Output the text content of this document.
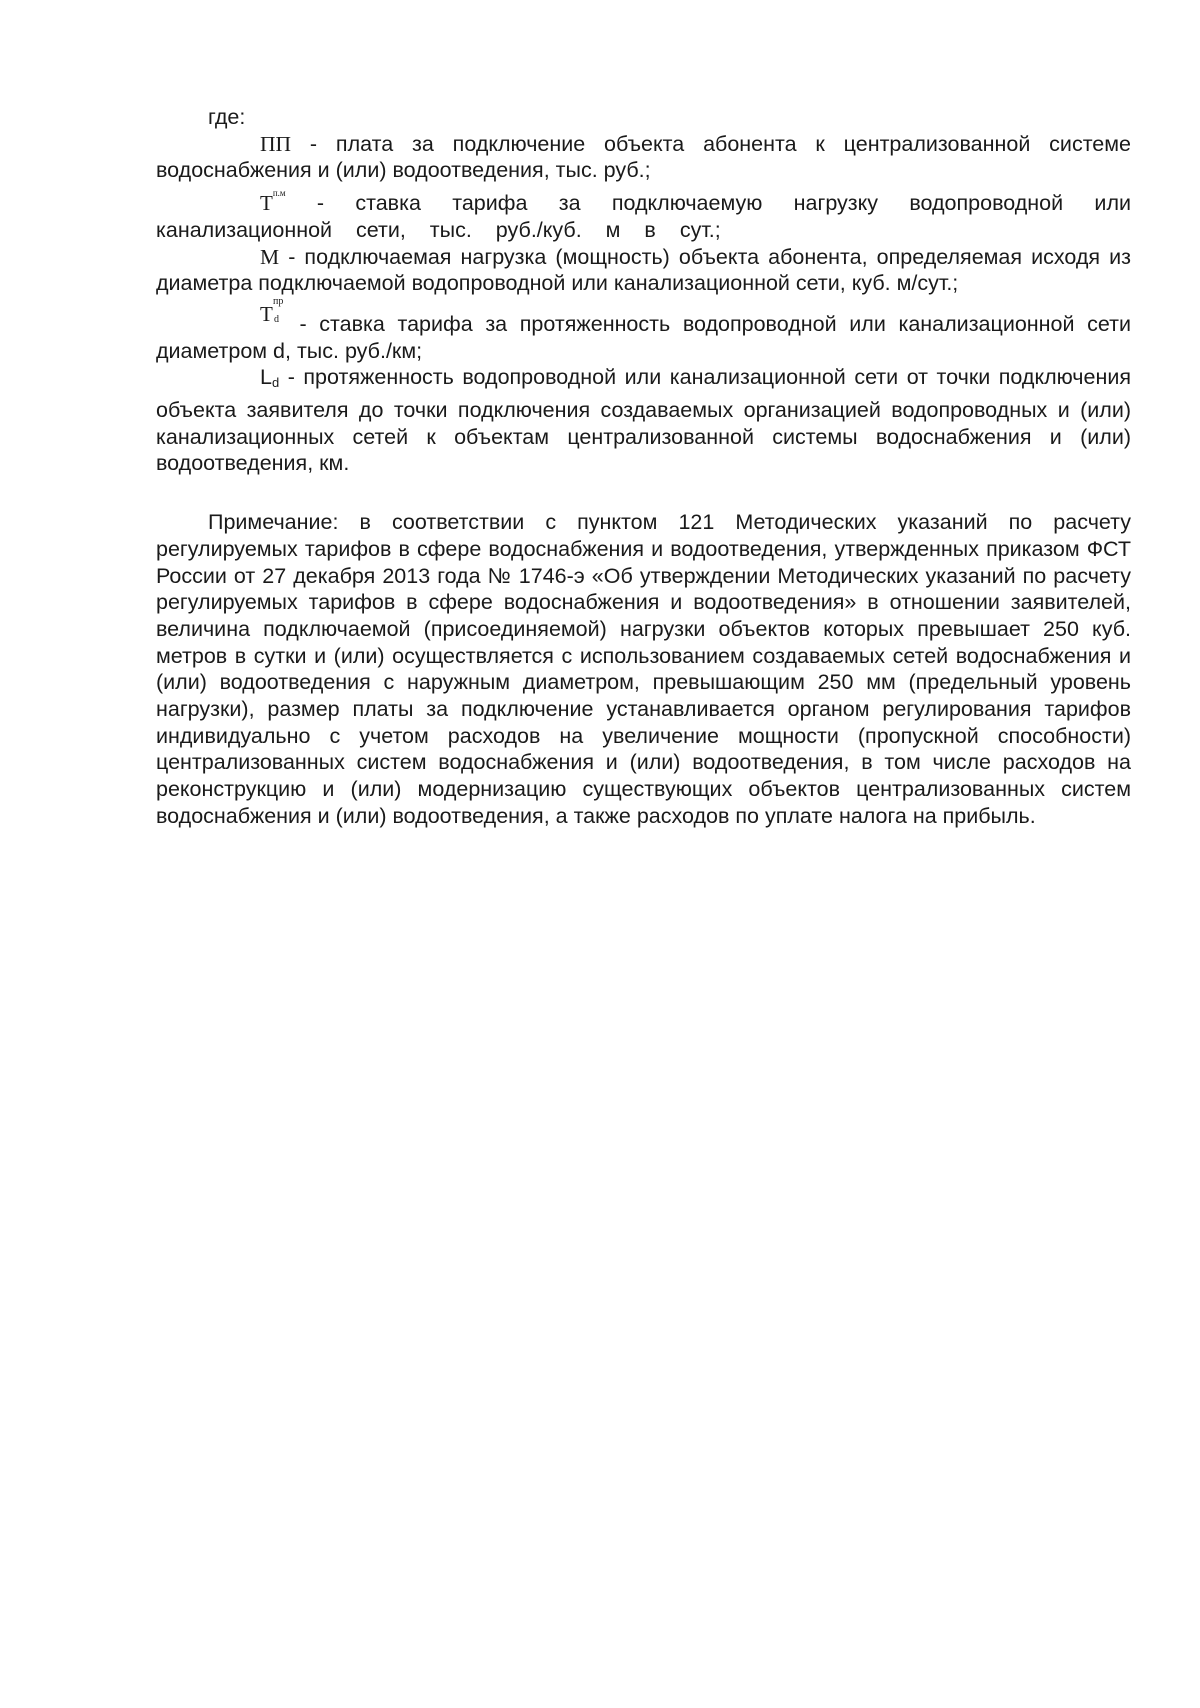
где:

ПП - плата за подключение объекта абонента к централизованной системе водоснабжения и (или) водоотведения, тыс. руб.;

$Т^{п.м}$ - ставка тарифа за подключаемую нагрузку водопроводной или канализационной сети, тыс. руб./куб. м в сут.;

М - подключаемая нагрузка (мощность) объекта абонента, определяемая исходя из диаметра подключаемой водопроводной или канализационной сети, куб. м/сут.;

Т
пр
d - ставка тарифа за протяженность водопроводной или канализационной сети диаметром d, тыс. руб./км;

Ld - протяженность водопроводной или канализационной сети от точки подключения объекта заявителя до точки подключения создаваемых организацией водопроводных и (или) канализационных сетей к объектам централизованной системы водоснабжения и (или) водоотведения, км.

Примечание: в соответствии с пунктом 121 Методических указаний по расчету регулируемых тарифов в сфере водоснабжения и водоотведения, утвержденных приказом ФСТ России от 27 декабря 2013 года № 1746-э «Об утверждении Методических указаний по расчету регулируемых тарифов в сфере водоснабжения и водоотведения» в отношении заявителей, величина подключаемой (присоединяемой) нагрузки объектов которых превышает 250 куб. метров в сутки и (или) осуществляется с использованием создаваемых сетей водоснабжения и (или) водоотведения с наружным диаметром, превышающим 250 мм (предельный уровень нагрузки), размер платы за подключение устанавливается органом регулирования тарифов индивидуально с учетом расходов на увеличение мощности (пропускной способности) централизованных систем водоснабжения и (или) водоотведения, в том числе расходов на реконструкцию и (или) модернизацию существующих объектов централизованных систем водоснабжения и (или) водоотведения, а также расходов по уплате налога на прибыль.
